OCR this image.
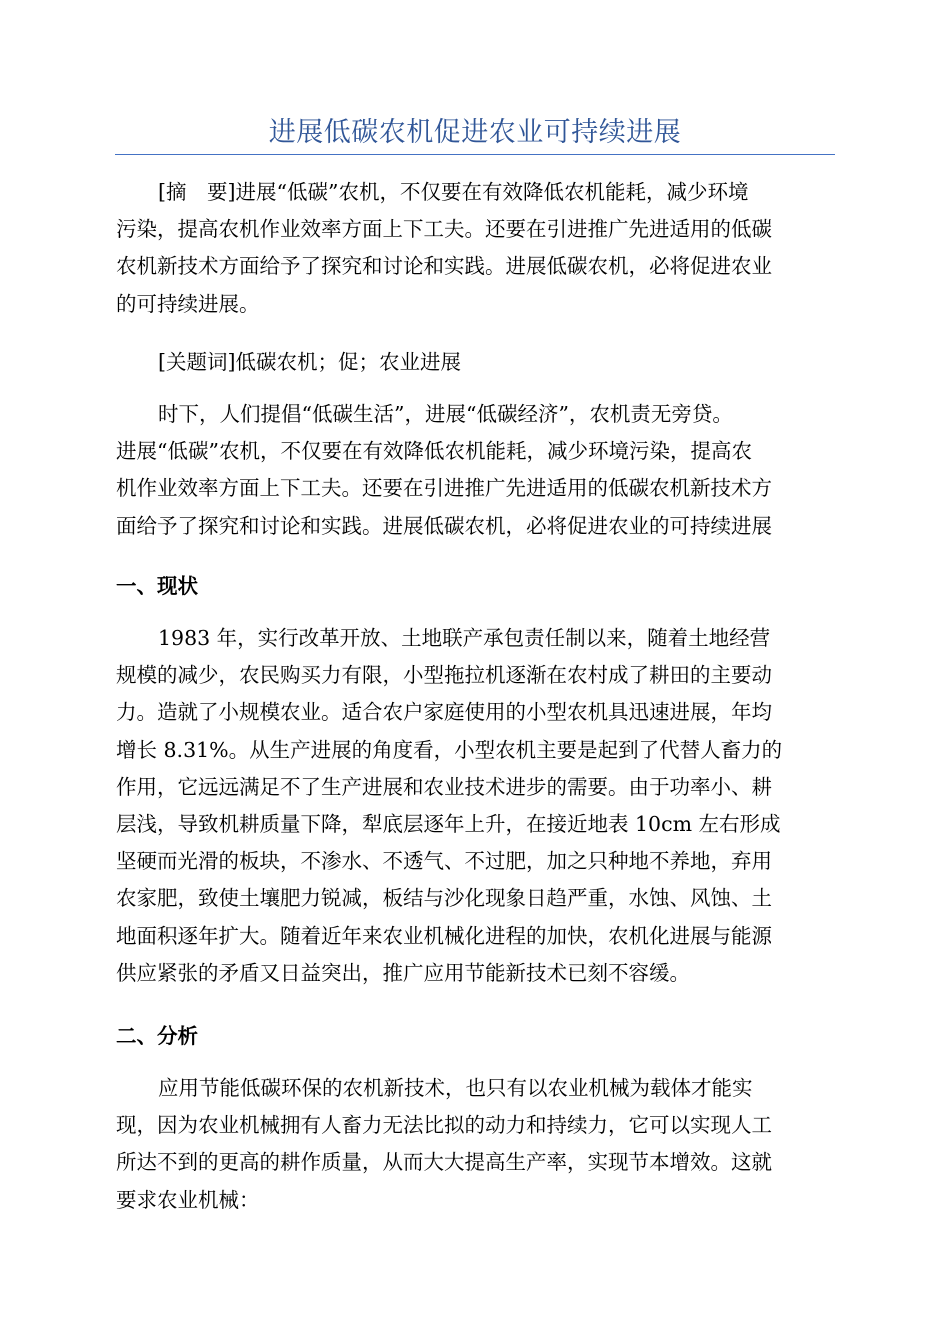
进展低碳农机促进农业可持续进展
[摘　要]进展“低碳”农机，不仅要在有效降低农机能耗，减少环境
污染，提高农机作业效率方面上下工夫。还要在引进推广先进适用的低碳
农机新技术方面给予了探究和讨论和实践。进展低碳农机，必将促进农业
的可持续进展。
[关题词]低碳农机；促；农业进展
时下，人们提倡“低碳生活”，进展“低碳经济”，农机责无旁贷。
进展“低碳”农机，不仅要在有效降低农机能耗，减少环境污染，提高农
机作业效率方面上下工夫。还要在引进推广先进适用的低碳农机新技术方
面给予了探究和讨论和实践。进展低碳农机，必将促进农业的可持续进展
一、现状
1983 年，实行改革开放、土地联产承包责任制以来，随着土地经营
规模的减少，农民购买力有限，小型拖拉机逐渐在农村成了耕田的主要动
力。造就了小规模农业。适合农户家庭使用的小型农机具迅速进展，年均
增长 8.31%。从生产进展的角度看，小型农机主要是起到了代替人畜力的
作用，它远远满足不了生产进展和农业技术进步的需要。由于功率小、耕
层浅，导致机耕质量下降，犁底层逐年上升，在接近地表 10cm 左右形成
坚硬而光滑的板块，不渗水、不透气、不过肥，加之只种地不养地，弃用
农家肥，致使土壤肥力锐减，板结与沙化现象日趋严重，水蚀、风蚀、土
地面积逐年扩大。随着近年来农业机械化进程的加快，农机化进展与能源
供应紧张的矛盾又日益突出，推广应用节能新技术已刻不容缓。
二、分析
应用节能低碳环保的农机新技术，也只有以农业机械为载体才能实
现，因为农业机械拥有人畜力无法比拟的动力和持续力，它可以实现人工
所达不到的更高的耕作质量，从而大大提高生产率，实现节本增效。这就
要求农业机械：
